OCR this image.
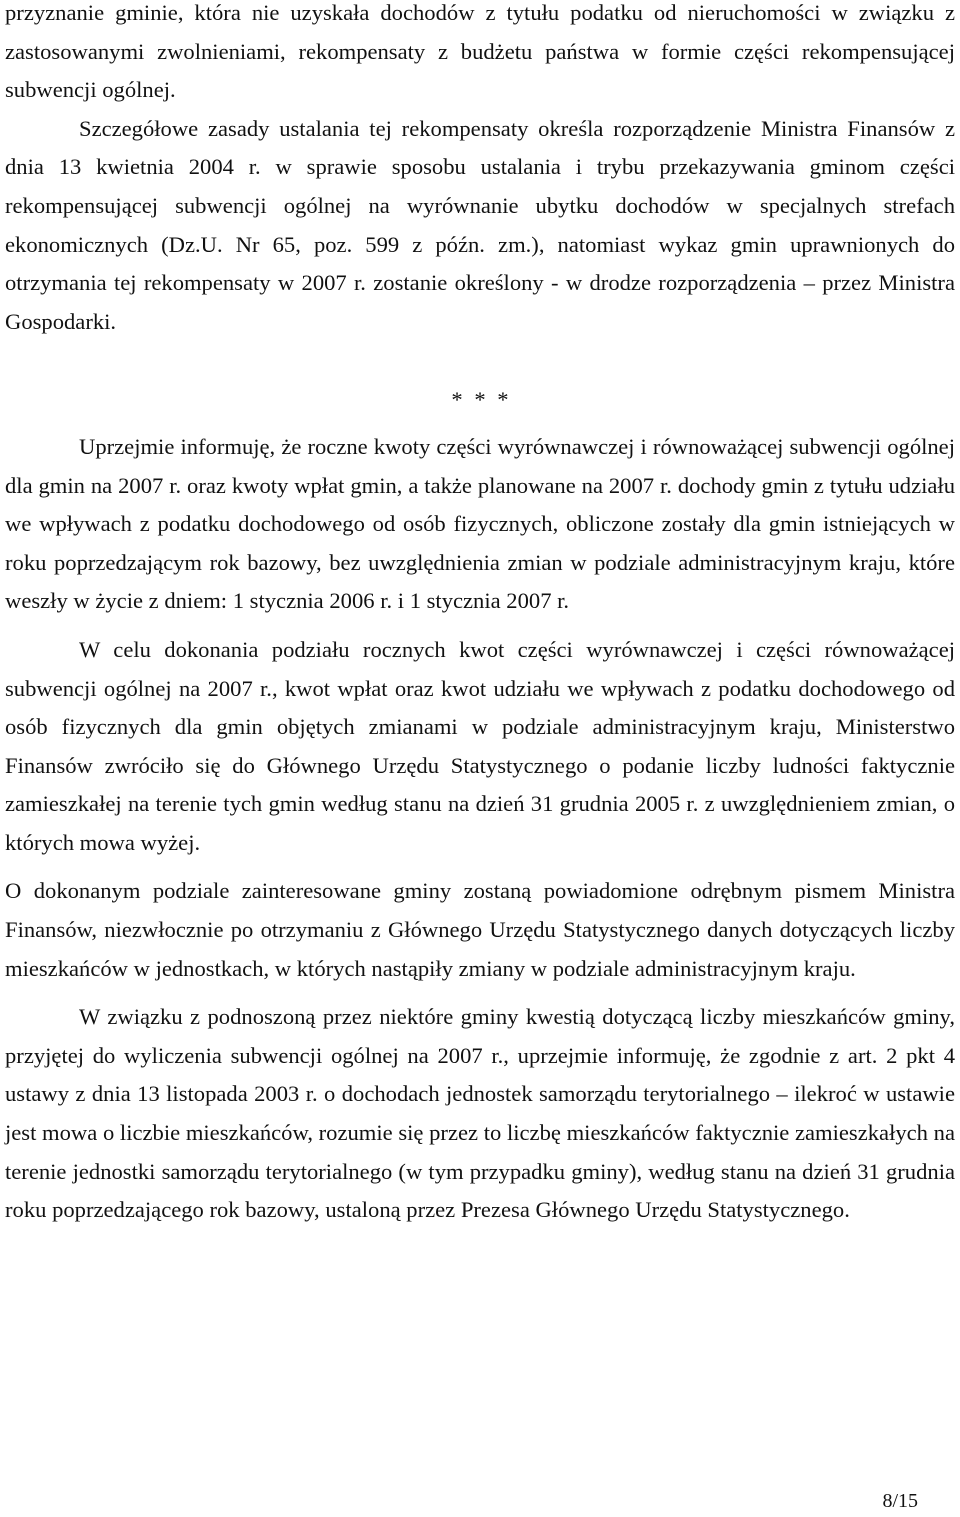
przyznanie gminie, która nie uzyskała dochodów z tytułu podatku od nieruchomości w związku z zastosowanymi zwolnieniami, rekompensaty z budżetu państwa w formie części rekompensującej subwencji ogólnej.

Szczegółowe zasady ustalania tej rekompensaty określa rozporządzenie Ministra Finansów z dnia 13 kwietnia 2004 r. w sprawie sposobu ustalania i trybu przekazywania gminom części rekompensującej subwencji ogólnej na wyrównanie ubytku dochodów w specjalnych strefach ekonomicznych (Dz.U. Nr 65, poz. 599 z późn. zm.), natomiast wykaz gmin uprawnionych do otrzymania tej rekompensaty w 2007 r. zostanie określony - w drodze rozporządzenia – przez Ministra Gospodarki.

* * *

Uprzejmie informuję, że roczne kwoty części wyrównawczej i równoważącej subwencji ogólnej dla gmin na 2007 r. oraz kwoty wpłat gmin, a także planowane na 2007 r. dochody gmin z tytułu udziału we wpływach z podatku dochodowego od osób fizycznych, obliczone zostały dla gmin istniejących w roku poprzedzającym rok bazowy, bez uwzględnienia zmian w podziale administracyjnym kraju, które weszły w życie z dniem: 1 stycznia 2006 r. i 1 stycznia 2007 r.

W celu dokonania podziału rocznych kwot części wyrównawczej i części równoważącej subwencji ogólnej na 2007 r., kwot wpłat oraz kwot udziału we wpływach z podatku dochodowego od osób fizycznych dla gmin objętych zmianami w podziale administracyjnym kraju, Ministerstwo Finansów zwróciło się do Głównego Urzędu Statystycznego o podanie liczby ludności faktycznie zamieszkałej na terenie tych gmin według stanu na dzień 31 grudnia 2005 r. z uwzględnieniem zmian, o których mowa wyżej.

O dokonanym podziale zainteresowane gminy zostaną powiadomione odrębnym pismem Ministra Finansów, niezwłocznie po otrzymaniu z Głównego Urzędu Statystycznego danych dotyczących liczby mieszkańców w jednostkach, w których nastąpiły zmiany w podziale administracyjnym kraju.

W związku z podnoszoną przez niektóre gminy kwestią dotyczącą liczby mieszkańców gminy, przyjętej do wyliczenia subwencji ogólnej na 2007 r., uprzejmie informuję, że zgodnie z art. 2 pkt 4 ustawy z dnia 13 listopada 2003 r. o dochodach jednostek samorządu terytorialnego – ilekroć w ustawie jest mowa o liczbie mieszkańców, rozumie się przez to liczbę mieszkańców faktycznie zamieszkałych na terenie jednostki samorządu terytorialnego (w tym przypadku gminy), według stanu na dzień 31 grudnia roku poprzedzającego rok bazowy, ustaloną przez Prezesa Głównego Urzędu Statystycznego.

8/15
